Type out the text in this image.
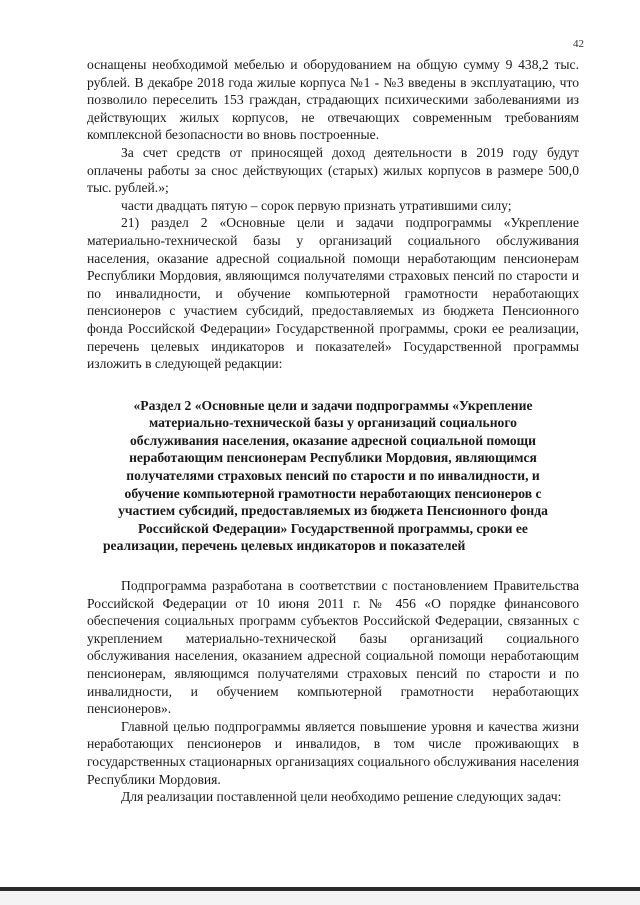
42

оснащены необходимой мебелью и оборудованием на общую сумму 9 438,2 тыс. рублей. В декабре 2018 года жилые корпуса №1 - №3 введены в эксплуатацию, что позволило переселить 153 граждан, страдающих психическими заболеваниями из действующих жилых корпусов, не отвечающих современным требованиям комплексной безопасности во вновь построенные.

За счет средств от приносящей доход деятельности в 2019 году будут оплачены работы за снос действующих (старых) жилых корпусов в размере 500,0 тыс. рублей.»;

части двадцать пятую – сорок первую признать утратившими силу;

21) раздел 2 «Основные цели и задачи подпрограммы «Укрепление материально-технической базы у организаций социального обслуживания населения, оказание адресной социальной помощи неработающим пенсионерам Республики Мордовия, являющимся получателями страховых пенсий по старости и по инвалидности, и обучение компьютерной грамотности неработающих пенсионеров с участием субсидий, предоставляемых из бюджета Пенсионного фонда Российской Федерации» Государственной программы, сроки ее реализации, перечень целевых индикаторов и показателей» Государственной программы изложить в следующей редакции:

«Раздел 2 «Основные цели и задачи подпрограммы «Укрепление материально-технической базы у организаций социального обслуживания населения, оказание адресной социальной помощи неработающим пенсионерам Республики Мордовия, являющимся получателями страховых пенсий по старости и по инвалидности, и обучение компьютерной грамотности неработающих пенсионеров с участием субсидий, предоставляемых из бюджета Пенсионного фонда Российской Федерации» Государственной программы, сроки ее реализации, перечень целевых индикаторов и показателей

Подпрограмма разработана в соответствии с постановлением Правительства Российской Федерации от 10 июня 2011 г. № 456 «О порядке финансового обеспечения социальных программ субъектов Российской Федерации, связанных с укреплением материально-технической базы организаций социального обслуживания населения, оказанием адресной социальной помощи неработающим пенсионерам, являющимся получателями страховых пенсий по старости и по инвалидности, и обучением компьютерной грамотности неработающих пенсионеров».

Главной целью подпрограммы является повышение уровня и качества жизни неработающих пенсионеров и инвалидов, в том числе проживающих в государственных стационарных организациях социального обслуживания населения Республики Мордовия.

Для реализации поставленной цели необходимо решение следующих задач:
